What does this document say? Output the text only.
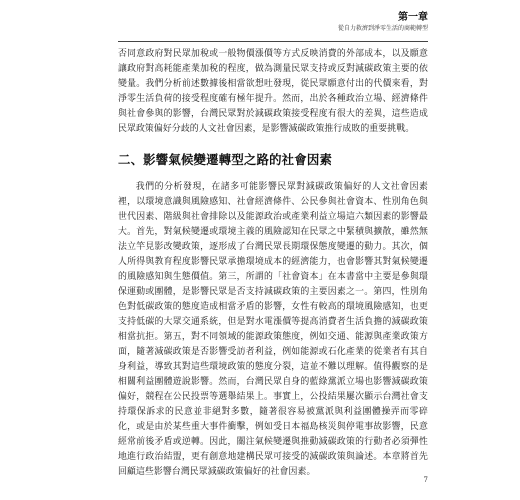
第一章
從自力救濟到淨零生活的商範轉型

否同意政府對民眾加稅或一般物價漲價等方式反映消費的外部成本，以及願意讓政府對高耗能產業加稅的程度，做為測量民眾支持或反對減碳政策主要的依變量。我們分析前述數據後相當欲想吐發現，從民眾願意付出的代價來看，對淨零生活負荷的接受程度確有極年提升。然而，出於各種政治立場、經濟條件與社會參與的影響，台灣民眾對於減碳政策接受程度有很大的差異，這些造成民眾政策偏好分歧的人文社會因素，是影響減碳政策推行成敗的重要挑戰。

二、影響氣候變遷轉型之路的社會因素

我們的分析發現，在諸多可能影響民眾對減碳政策偏好的人文社會因素裡，以環境意識與風險感知、社會經濟條件、公民參與社會資本、性別角色與世代因素、階級與社會排除以及能源政治或產業利益立場這六類因素的影響最大。首先，對氣候變遷或環境主義的風險認知在民眾之中緊積與擴散，雖然無法立竿見影改變政策，逐形成了台灣民眾長期環保態度變遷的動力。其次，個人所得與教育程度影響民眾承擔環境成本的經濟能力，也會影響其對氣候變遷的風險感知與生態價值。第三，所謂的「社會資本」在本書當中主要是參與環保運動或團體，是影響民眾是否支持減碳政策的主要因素之一。第四，性別角色對低碳政策的態度造成相當矛盾的影響，女性有較高的環境風險感知，也更支持低碳的大眾交通系統，但是對水電漲價等提高消費者生活負擔的減碳政策相當抗拒。第五，對不同領域的能源政策態度，例如交通、能源與產業政策方面，隨著減碳政策是否影響受訪者利益，例如能源或石化產業的從業者有其自身利益，導致其對這些環境政策的態度分裂，這並不難以理解。值得觀察的是相關利益團體遊說影響。然而，台灣民眾自身的藍綠黨派立場也影響減碳政策偏好，競程在公民投票等選舉結果上。事實上，公投結果屢次顯示台灣社會支持環保訴求的民意並非絕對多數，隨著很容易被黨派與利益團體操弄而零碎化，或是由於某些重大事件衝擊，例如受日本福島核災與停電事故影響，民意經常前後矛盾或逆轉。因此，關注氣候變遷與推動減碳政策的行動者必須彈性地進行政治結盟，更有創意地建構民眾可接受的減碳政策與論述。本章將首先回顧這些影響台灣民眾減碳政策偏好的社會因素。

7
